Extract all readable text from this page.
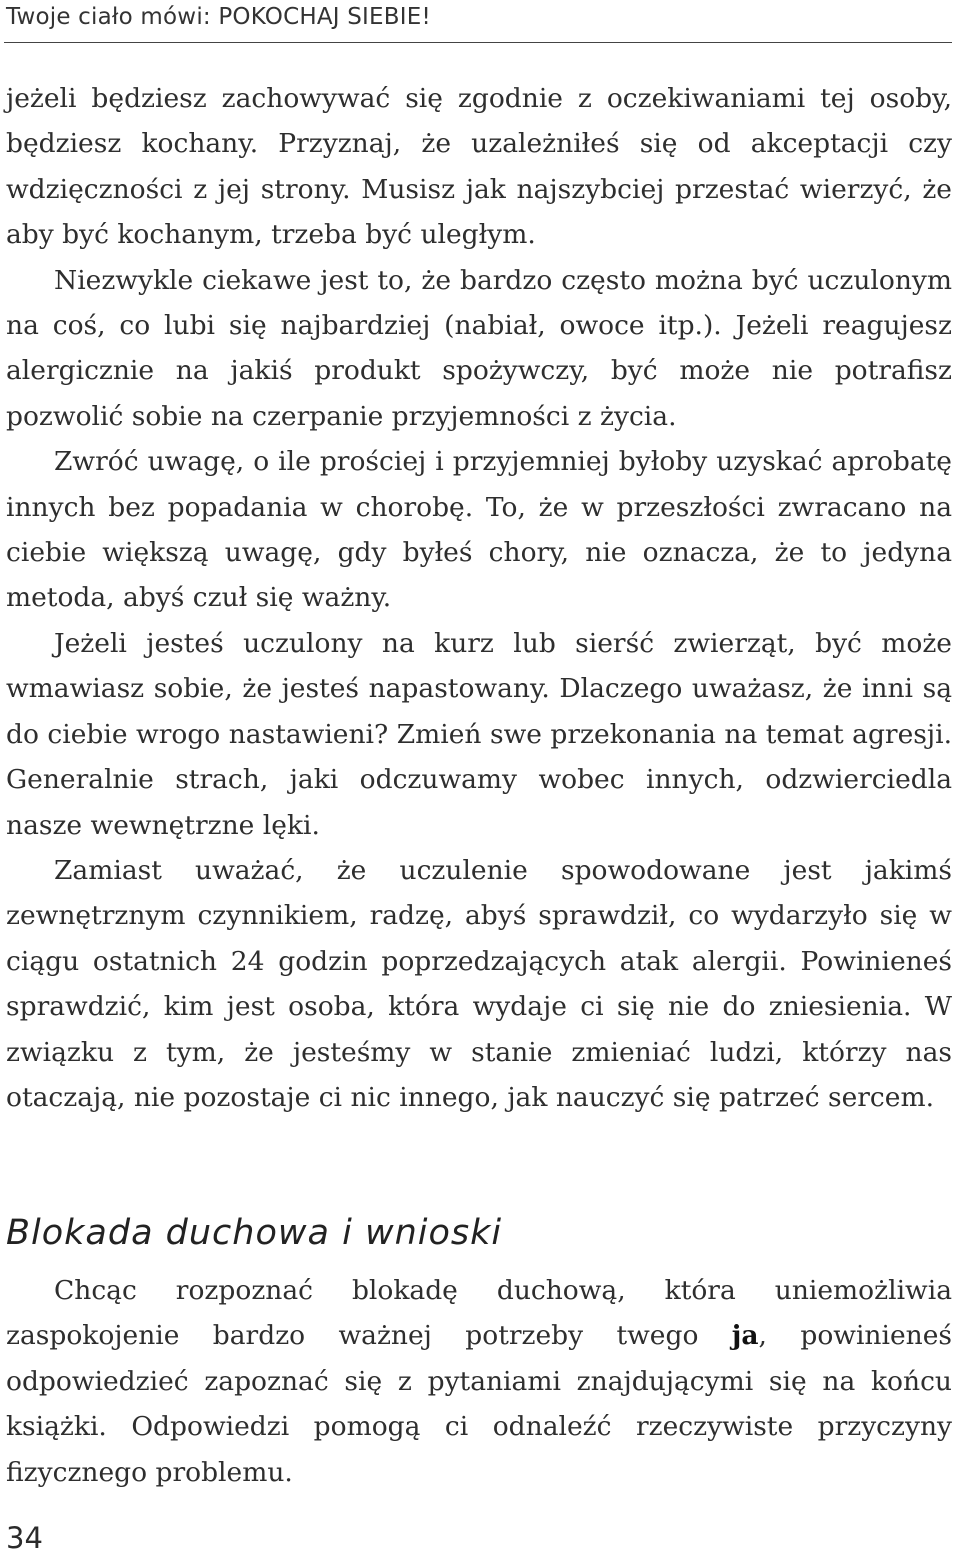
Twoje ciało mówi: POKOCHAJ SIEBIE!

jeżeli będziesz zachowywać się zgodnie z oczekiwaniami tej osoby, będziesz kochany. Przyznaj, że uzależniłeś się od akceptacji czy wdzięczności z jej strony. Musisz jak najszybciej przestać wierzyć, że aby być kochanym, trzeba być uległym.

Niezwykle ciekawe jest to, że bardzo często można być uczulonym na coś, co lubi się najbardziej (nabiał, owoce itp.). Jeżeli reagujesz alergicznie na jakiś produkt spożywczy, być może nie potrafisz pozwolić sobie na czerpanie przyjemności z życia.

Zwróć uwagę, o ile prościej i przyjemniej byłoby uzyskać aprobatę innych bez popadania w chorobę. To, że w przeszłości zwracano na ciebie większą uwagę, gdy byłeś chory, nie oznacza, że to jedyna metoda, abyś czuł się ważny.

Jeżeli jesteś uczulony na kurz lub sierść zwierząt, być może wmawiasz sobie, że jesteś napastowany. Dlaczego uważasz, że inni są do ciebie wrogo nastawieni? Zmień swe przekonania na temat agresji. Generalnie strach, jaki odczuwamy wobec innych, odzwierciedla nasze wewnętrzne lęki.

Zamiast uważać, że uczulenie spowodowane jest jakimś zewnętrznym czynnikiem, radzę, abyś sprawdził, co wydarzyło się w ciągu ostatnich 24 godzin poprzedzających atak alergii. Powinieneś sprawdzić, kim jest osoba, która wydaje ci się nie do zniesienia. W związku z tym, że jesteśmy w stanie zmieniać ludzi, którzy nas otaczają, nie pozostaje ci nic innego, jak nauczyć się patrzeć sercem.

Blokada duchowa i wnioski

Chcąc rozpoznać blokadę duchową, która uniemożliwia zaspokojenie bardzo ważnej potrzeby twego ja, powinieneś odpowiedzieć zapoznać się z pytaniami znajdującymi się na końcu książki. Odpowiedzi pomogą ci odnaleźć rzeczywiste przyczyny fizycznego problemu.

34
